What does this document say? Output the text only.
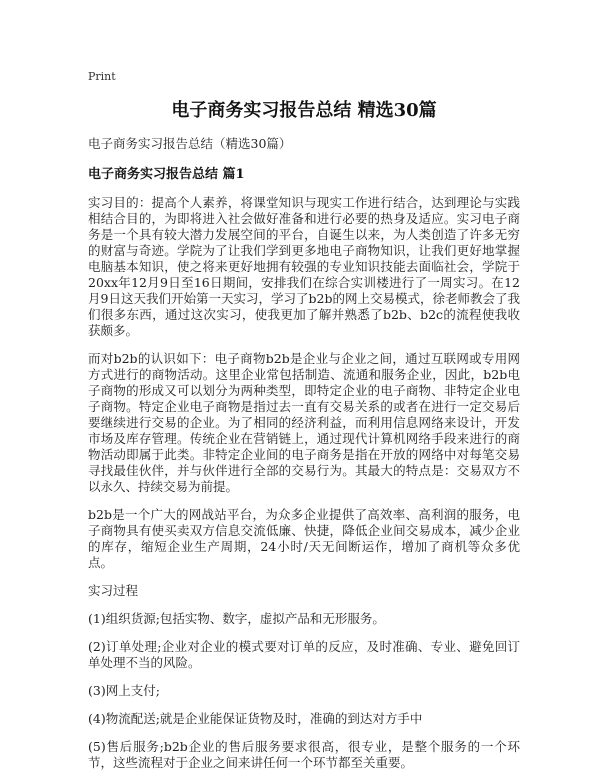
Print
电子商务实习报告总结 精选30篇
电子商务实习报告总结（精选30篇）
电子商务实习报告总结 篇1
实习目的：提高个人素养，将课堂知识与现实工作进行结合，达到理论与实践相结合目的，为即将进入社会做好准备和进行必要的热身及适应。实习电子商务是一个具有较大潜力发展空间的平台，自诞生以来，为人类创造了许多无穷的财富与奇迹。学院为了让我们学到更多地电子商物知识，让我们更好地掌握电脑基本知识，使之将来更好地拥有较强的专业知识技能去面临社会，学院于20xx年12月9日至16日期间，安排我们在综合实训楼进行了一周实习。在12月9日这天我们开始第一天实习，学习了b2b的网上交易模式，徐老师教会了我们很多东西，通过这次实习，使我更加了解并熟悉了b2b、b2c的流程使我收获颇多。
而对b2b的认识如下：电子商物b2b是企业与企业之间，通过互联网或专用网方式进行的商物活动。这里企业常包括制造、流通和服务企业，因此，b2b电子商物的形成又可以划分为两种类型，即特定企业的电子商物、非特定企业电子商物。特定企业电子商物是指过去一直有交易关系的或者在进行一定交易后要继续进行交易的企业。为了相同的经济利益，而利用信息网络来设计，开发市场及库存管理。传统企业在营销链上，通过现代计算机网络手段来进行的商物活动即属于此类。非特定企业间的电子商务是指在开放的网络中对每笔交易寻找最佳伙伴，并与伙伴进行全部的交易行为。其最大的特点是：交易双方不以永久、持续交易为前提。
b2b是一个广大的网战站平台，为众多企业提供了高效率、高利润的服务，电子商物具有使买卖双方信息交流低廉、快捷，降低企业间交易成本，减少企业的库存，缩短企业生产周期，24小时/天无间断运作，增加了商机等众多优点。
实习过程
(1)组织货源;包括实物、数字，虚拟产品和无形服务。
(2)订单处理;企业对企业的模式要对订单的反应，及时准确、专业、避免回订单处理不当的风险。
(3)网上支付;
(4)物流配送;就是企业能保证货物及时，准确的到达对方手中
(5)售后服务;b2b企业的售后服务要求很高，很专业，是整个服务的一个环节，这些流程对于企业之间来讲任何一个环节都至关重要。
